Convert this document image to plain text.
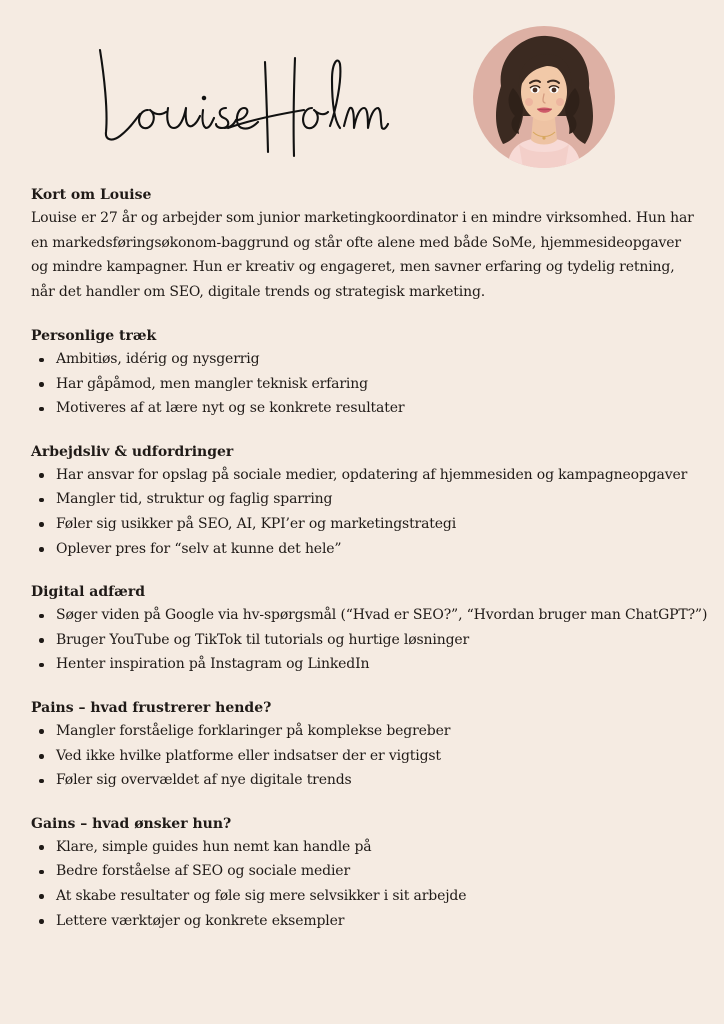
Kort om Louise

Louise er 27 år og arbejder som junior marketingkoordinator i en mindre virksomhed. Hun har en markedsføringsøkonom-baggrund og står ofte alene med både SoMe, hjemmesideopgaver og mindre kampagner. Hun er kreativ og engageret, men savner erfaring og tydelig retning, når det handler om SEO, digitale trends og strategisk marketing.

Personlige træk
Ambitiøs, idérig og nysgerrig
Har gåpåmod, men mangler teknisk erfaring
Motiveres af at lære nyt og se konkrete resultater
Arbejdsliv & udfordringer
Har ansvar for opslag på sociale medier, opdatering af hjemmesiden og kampagneopgaver
Mangler tid, struktur og faglig sparring
Føler sig usikker på SEO, AI, KPI’er og marketingstrategi
Oplever pres for “selv at kunne det hele”
Digital adfærd
Søger viden på Google via hv-spørgsmål (“Hvad er SEO?”, “Hvordan bruger man ChatGPT?”)
Bruger YouTube og TikTok til tutorials og hurtige løsninger
Henter inspiration på Instagram og LinkedIn
Pains – hvad frustrerer hende?
Mangler forståelige forklaringer på komplekse begreber
Ved ikke hvilke platforme eller indsatser der er vigtigst
Føler sig overvældet af nye digitale trends
Gains – hvad ønsker hun?
Klare, simple guides hun nemt kan handle på
Bedre forståelse af SEO og sociale medier
At skabe resultater og føle sig mere selvsikker i sit arbejde
Lettere værktøjer og konkrete eksempler
